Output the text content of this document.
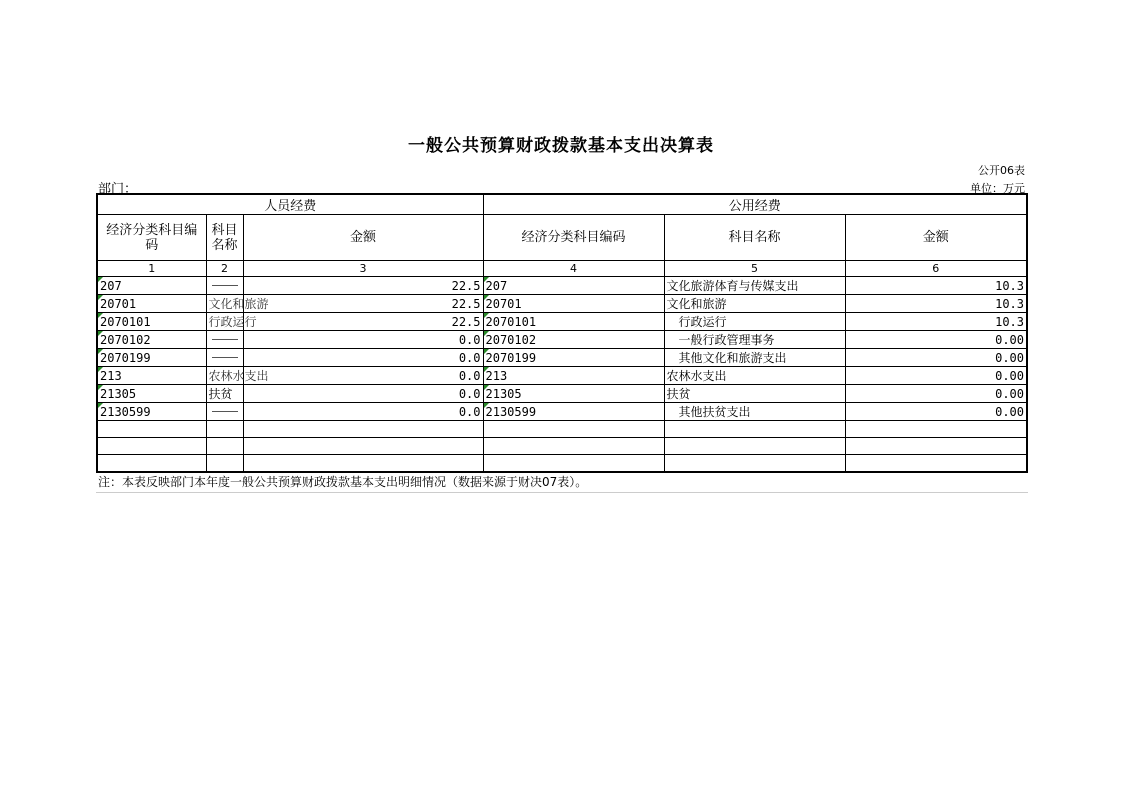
一般公共预算财政拨款基本支出决算表
公开06表
部门：	单位：万元
人员经费			公用经费		
经济分类科目编码	科目名称	金额	经济分类科目编码	科目名称	金额
1	2	3	4	5	6
207		22.5	207	文化旅游体育与传媒支出	10.3
20701	文化和旅游	22.5	20701	文化和旅游	10.3
2070101	行政运行	22.5	2070101	行政运行	10.3
2070102		0.0	2070102	一般行政管理事务	0.00
2070199		0.0	2070199	其他文化和旅游支出	0.00
213	农林水支出	0.0	213	农林水支出	0.00
21305	扶贫	0.0	21305	扶贫	0.00
2130599		0.0	2130599	其他扶贫支出	0.00

注：本表反映部门本年度一般公共预算财政拨款基本支出明细情况（数据来源于财决07表）。
